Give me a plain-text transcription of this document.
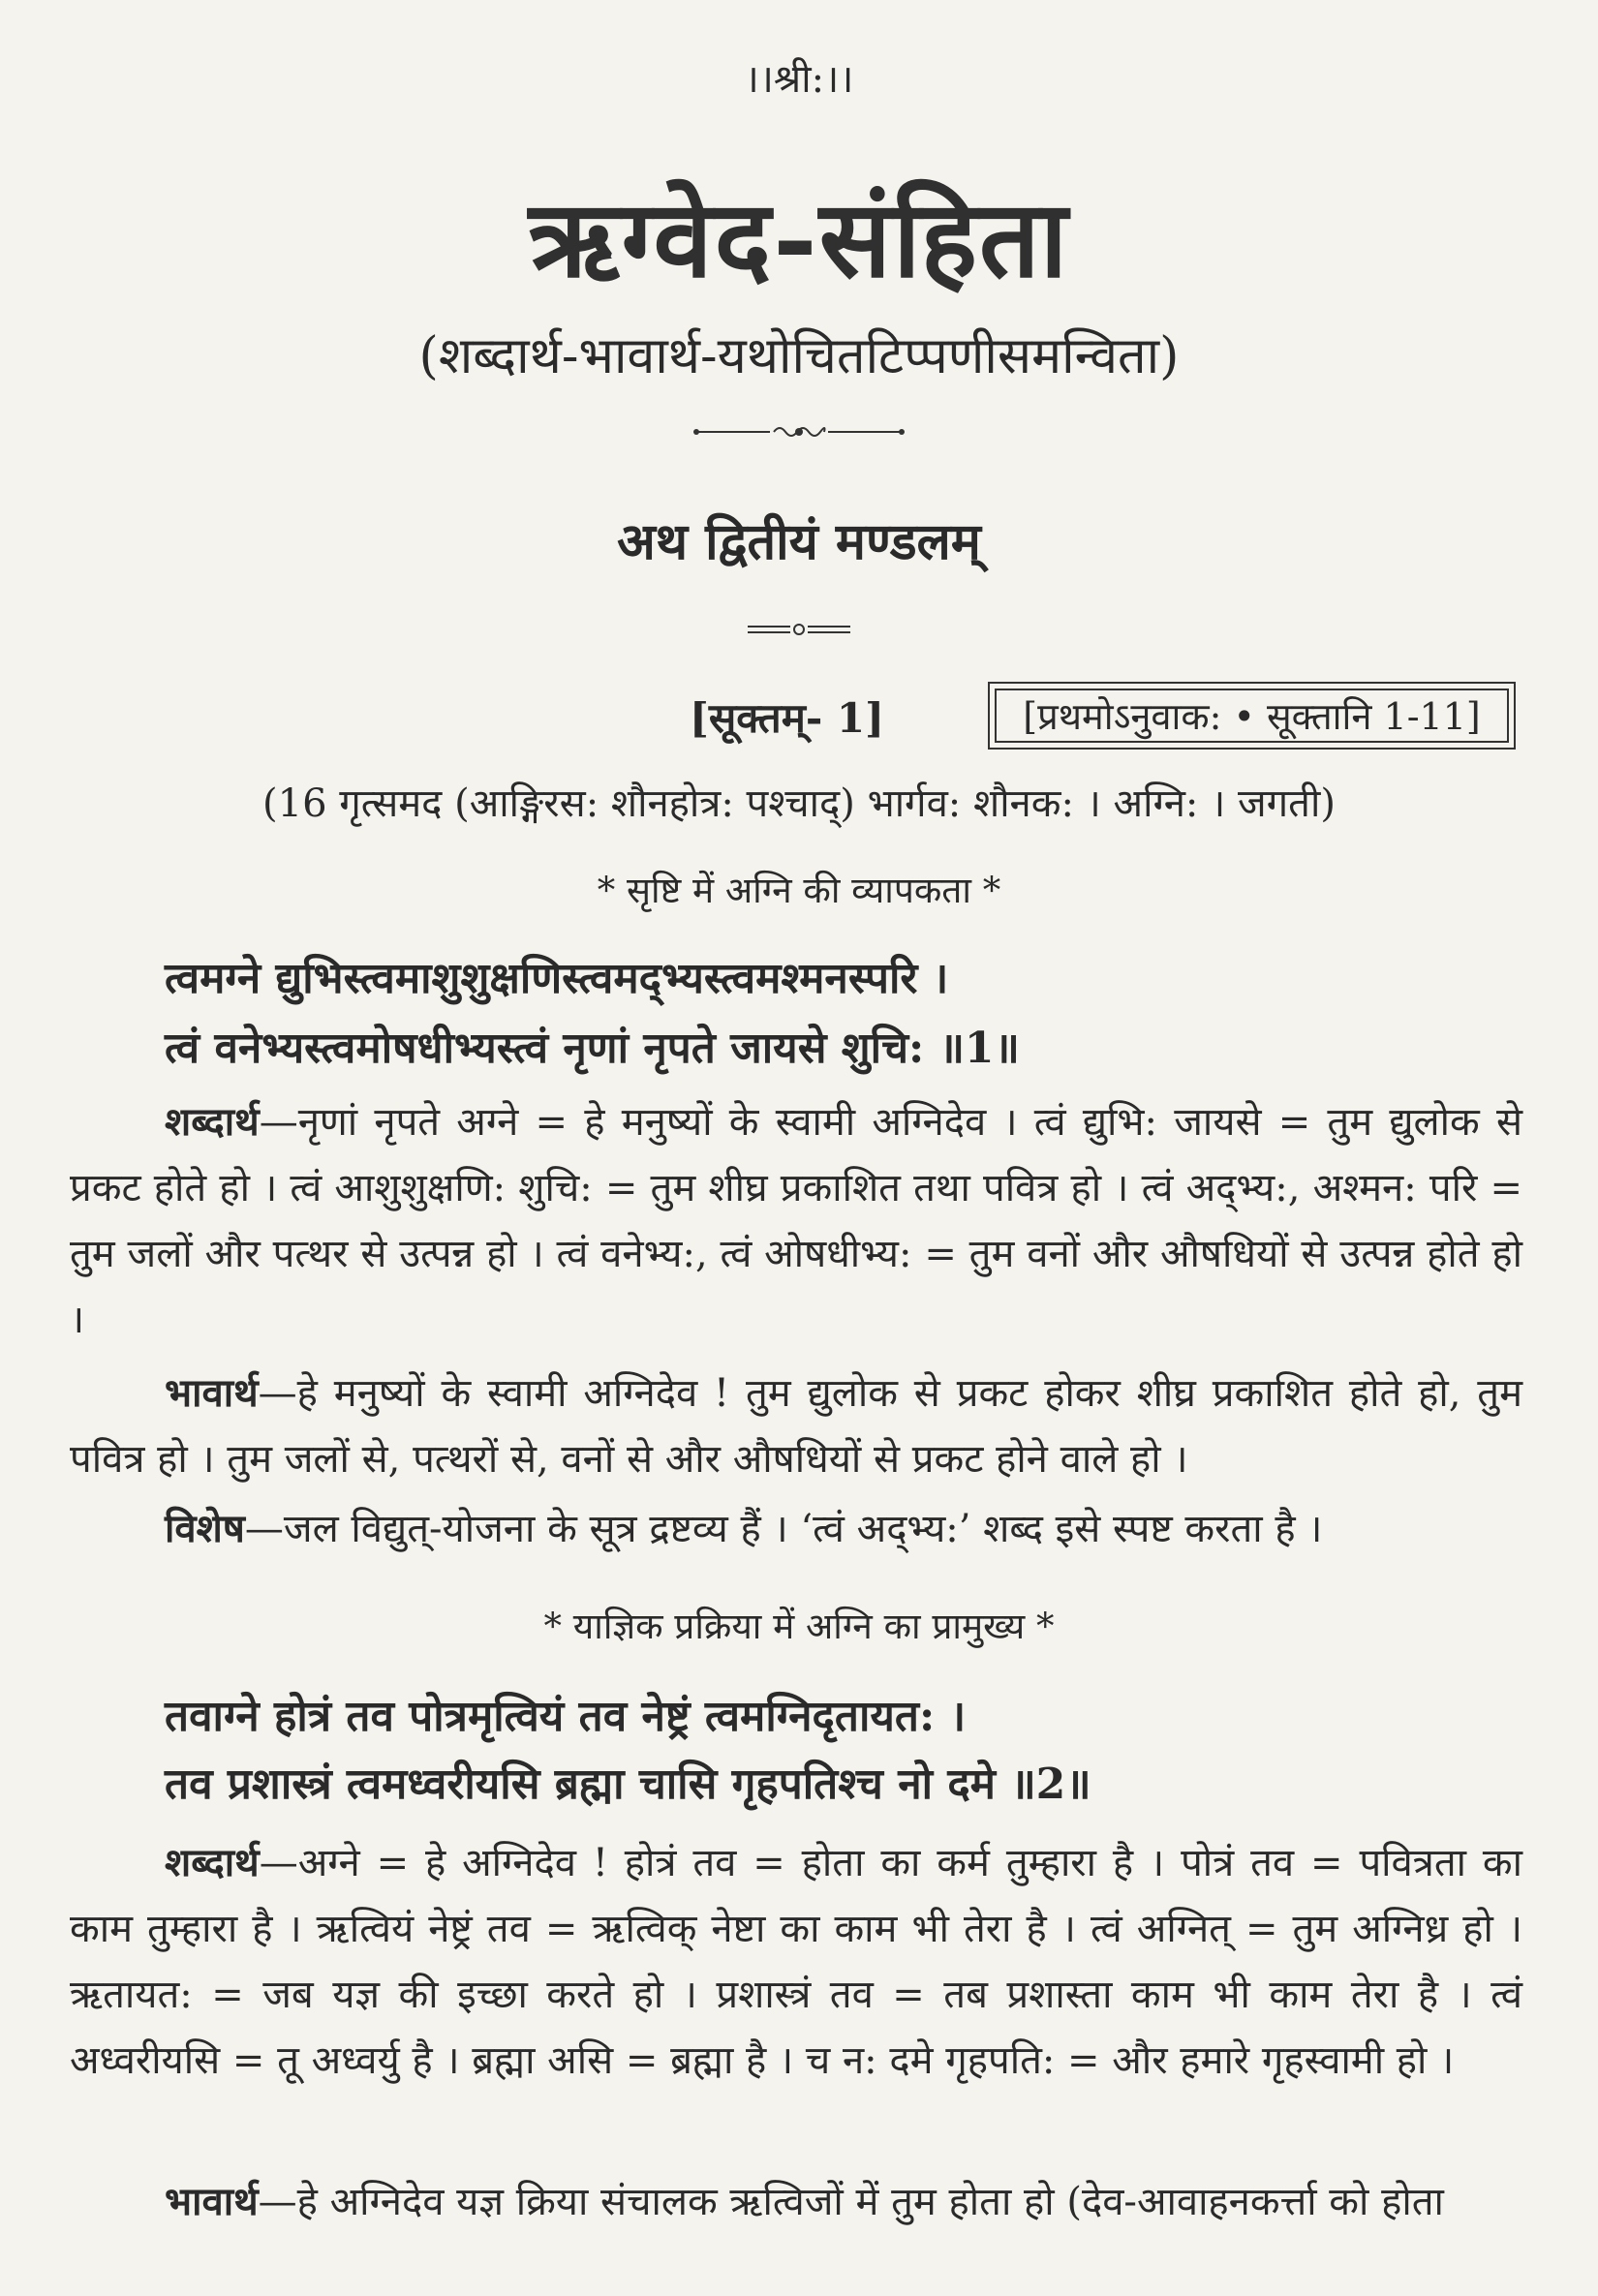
।।श्री:।।
ऋग्वेद-संहिता
(शब्दार्थ-भावार्थ-यथोचितटिप्पणीसमन्विता)
अथ द्वितीयं मण्डलम्
[सूक्तम्- 1]	[प्रथमोऽनुवाक: • सूक्तानि 1-11]
(16 गृत्समद (आङ्गिरस: शौनहोत्र: पश्चाद्) भार्गव: शौनक: । अग्नि: । जगती)
* सृष्टि में अग्नि की व्यापकता *
त्वमग्ने द्युभिस्त्वमाशुशुक्षणिस्त्वमद्भ्यस्त्वमश्मनस्परि ।
त्वं वनेभ्यस्त्वमोषधीभ्यस्त्वं नृणां नृपते जायसे शुचि: ॥1॥

शब्दार्थ—नृणां नृपते अग्ने = हे मनुष्यों के स्वामी अग्निदेव । त्वं द्युभि: जायसे = तुम द्युलोक से प्रकट होते हो । त्वं आशुशुक्षणि: शुचि: = तुम शीघ्र प्रकाशित तथा पवित्र हो । त्वं अद्भ्य:, अश्मन: परि = तुम जलों और पत्थर से उत्पन्न हो । त्वं वनेभ्य:, त्वं ओषधीभ्य: = तुम वनों और औषधियों से उत्पन्न होते हो ।

भावार्थ—हे मनुष्यों के स्वामी अग्निदेव ! तुम द्युलोक से प्रकट होकर शीघ्र प्रकाशित होते हो, तुम पवित्र हो । तुम जलों से, पत्थरों से, वनों से और औषधियों से प्रकट होने वाले हो ।

विशेष—जल विद्युत्-योजना के सूत्र द्रष्टव्य हैं । ‘त्वं अद्भ्य:’ शब्द इसे स्पष्ट करता है ।

* याज्ञिक प्रक्रिया में अग्नि का प्रामुख्य *
तवाग्ने होत्रं तव पोत्रमृत्वियं तव नेष्ट्रं त्वमग्निदृतायत: ।
तव प्रशास्त्रं त्वमध्वरीयसि ब्रह्मा चासि गृहपतिश्च नो दमे ॥2॥

शब्दार्थ—अग्ने = हे अग्निदेव ! होत्रं तव = होता का कर्म तुम्हारा है । पोत्रं तव = पवित्रता का काम तुम्हारा है । ऋत्वियं नेष्ट्रं तव = ऋत्विक् नेष्टा का काम भी तेरा है । त्वं अग्नित् = तुम अग्निध्र हो । ऋतायत: = जब यज्ञ की इच्छा करते हो । प्रशास्त्रं तव = तब प्रशास्ता काम भी काम तेरा है । त्वं अध्वरीयसि = तू अध्वर्यु है । ब्रह्मा असि = ब्रह्मा है । च न: दमे गृहपति: = और हमारे गृहस्वामी हो ।

भावार्थ—हे अग्निदेव यज्ञ क्रिया संचालक ऋत्विजों में तुम होता हो (देव-आवाहनकर्त्ता को होता
